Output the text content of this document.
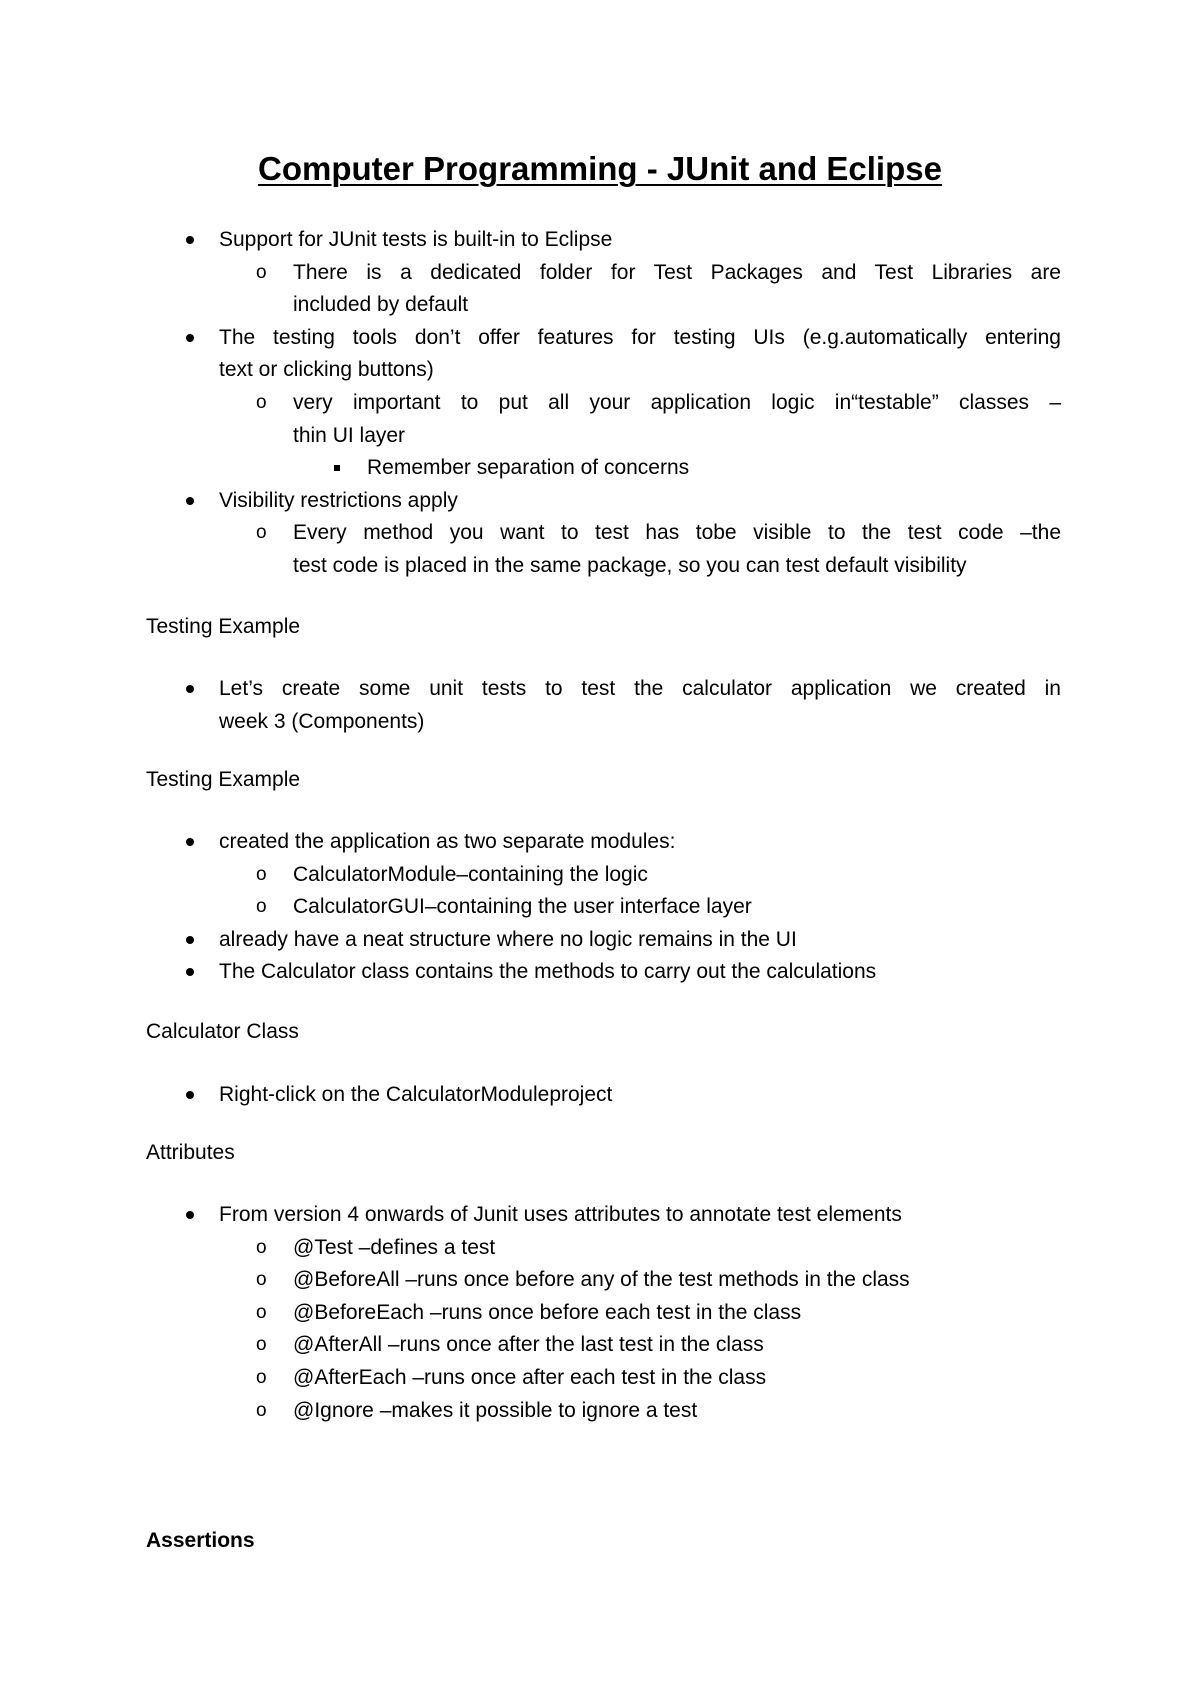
Computer Programming - JUnit and Eclipse
Support for JUnit tests is built-in to Eclipse
o	There is a dedicated folder for Test Packages and Test Libraries are
included by default
The testing tools don’t offer features for testing UIs (e.g.automatically entering
text or clicking buttons)
o	very important to put all your application logic in“testable” classes –
thin UI layer
Remember separation of concerns
Visibility restrictions apply
o	Every method you want to test has tobe visible to the test code –the
test code is placed in the same package, so you can test default visibility
Testing Example
Let’s create some unit tests to test the calculator application we created in
week 3 (Components)
Testing Example
created the application as two separate modules:
o	CalculatorModule–containing the logic
o	CalculatorGUI–containing the user interface layer
already have a neat structure where no logic remains in the UI
The Calculator class contains the methods to carry out the calculations
Calculator Class
Right-click on the CalculatorModuleproject
Attributes
From version 4 onwards of Junit uses attributes to annotate test elements
o	@Test –defines a test
o	@BeforeAll –runs once before any of the test methods in the class
o	@BeforeEach –runs once before each test in the class
o	@AfterAll –runs once after the last test in the class
o	@AfterEach –runs once after each test in the class
o	@Ignore –makes it possible to ignore a test
Assertions
